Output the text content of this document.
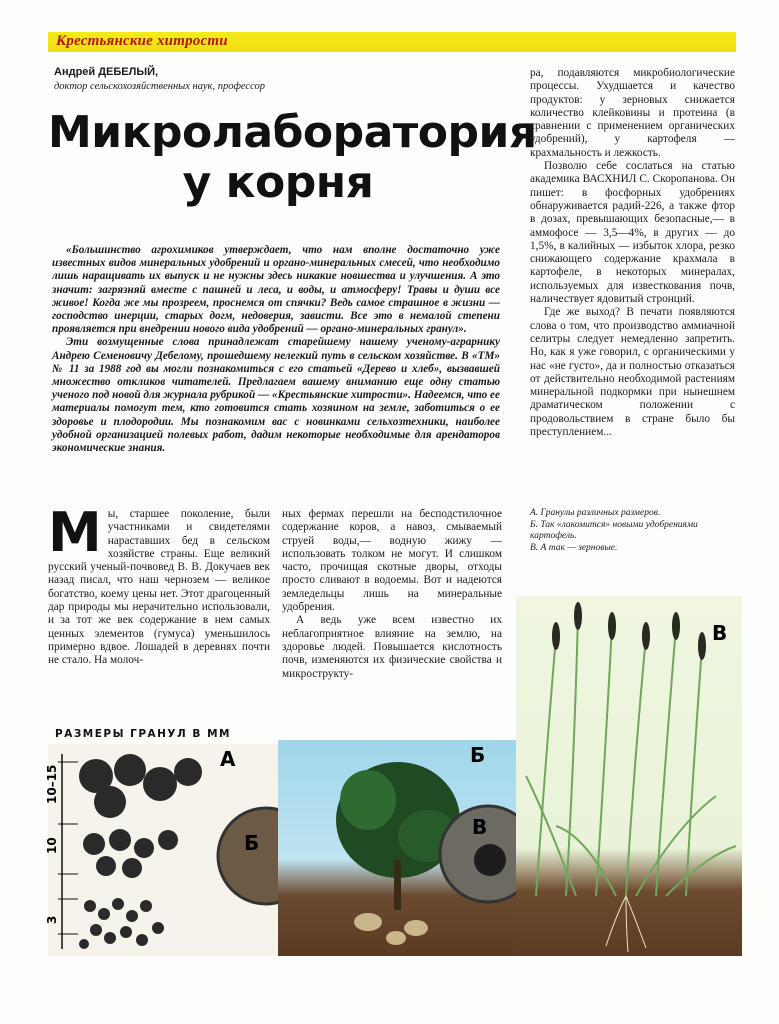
Крестьянские хитрости
Андрей ДЕБЕЛЫЙ,
доктор сельскохозяйственных наук, профессор
Микролаборатория
у корня

ра, подавляются микробиологические процессы. Ухудшается и качество продуктов: у зерновых снижается количество клейковины и протеина (в сравнении с применением органических удобрений), у картофеля — крахмальность и лежкость.

Позволю себе сослаться на статью академика ВАСХНИЛ С. Скоропанова. Он пишет: в фосфорных удобрениях обнаруживается радий-226, а также фтор в дозах, превышающих безопасные,— в аммофосе — 3,5—4%, в других — до 1,5%, в калийных — избыток хлора, резко снижающего содержание крахмала в картофеле, в некоторых минералах, используемых для известкования почв, наличествует ядовитый стронций.

Где же выход? В печати появляются слова о том, что производство аммиачной селитры следует немедленно запретить. Но, как я уже говорил, с органическими у нас «не густо», да и полностью отказаться от действительно необходимой растениям минеральной подкормки при нынешнем драматическом положении с продовольствием в стране было бы преступлением...

«Большинство агрохимиков утверждает, что нам вполне достаточно уже известных видов минеральных удобрений и органо-минеральных смесей, что необходимо лишь наращивать их выпуск и не нужны здесь никакие новшества и улучшения. А это значит: загрязняй вместе с пашней и леса, и воды, и атмосферу! Травы и души все живое! Когда же мы прозреем, проснемся от спячки? Ведь самое страшное в жизни — господство инерции, старых догм, недоверия, зависти. Все это в немалой степени проявляется при внедрении нового вида удобрений — органо-минеральных гранул».

Эти возмущенные слова принадлежат старейшему нашему ученому-аграрнику Андрею Семеновичу Дебелому, прошедшему нелегкий путь в сельском хозяйстве. В «ТМ» № 11 за 1988 год вы могли познакомиться с его статьей «Дерево и хлеб», вызвавшей множество откликов читателей. Предлагаем вашему вниманию еще одну статью ученого под новой для журнала рубрикой — «Крестьянские хитрости». Надеемся, что ее материалы помогут тем, кто готовится стать хозяином на земле, заботиться о ее здоровье и плодородии. Мы познакомим вас с новинками сельхозтехники, наиболее удобной организацией полевых работ, дадим некоторые необходимые для арендаторов экономические знания.

М ы, старшее поколение, были участниками и свидетелями нараставших бед в сельском хозяйстве страны. Еще великий русский ученый-почвовед В. В. Докучаев век назад писал, что наш чернозем — великое богатство, коему цены нет. Этот драгоценный дар природы мы нерачительно использовали, и за тот же век содержание в нем самых ценных элементов (гумуса) уменьшилось примерно вдвое. Лошадей в деревнях почти не стало. На молоч-

ных фермах перешли на бесподстилочное содержание коров, а навоз, смываемый струей воды,— водную жижу — использовать толком не могут. И слишком часто, прочищая скотные дворы, отходы просто сливают в водоемы. Вот и надеются земледельцы лишь на минеральные удобрения.

А ведь уже всем известно их неблагоприятное влияние на землю, на здоровье людей. Повышается кислотность почв, изменяются их физические свойства и микрострукту-

А. Гранулы различных размеров.

Б. Так «лакомится» новыми удобрениями картофель.

В. А так — зерновые.

РАЗМЕРЫ ГРАНУЛ В ММ
10–15
10
3
А
Б
Б
В
В
